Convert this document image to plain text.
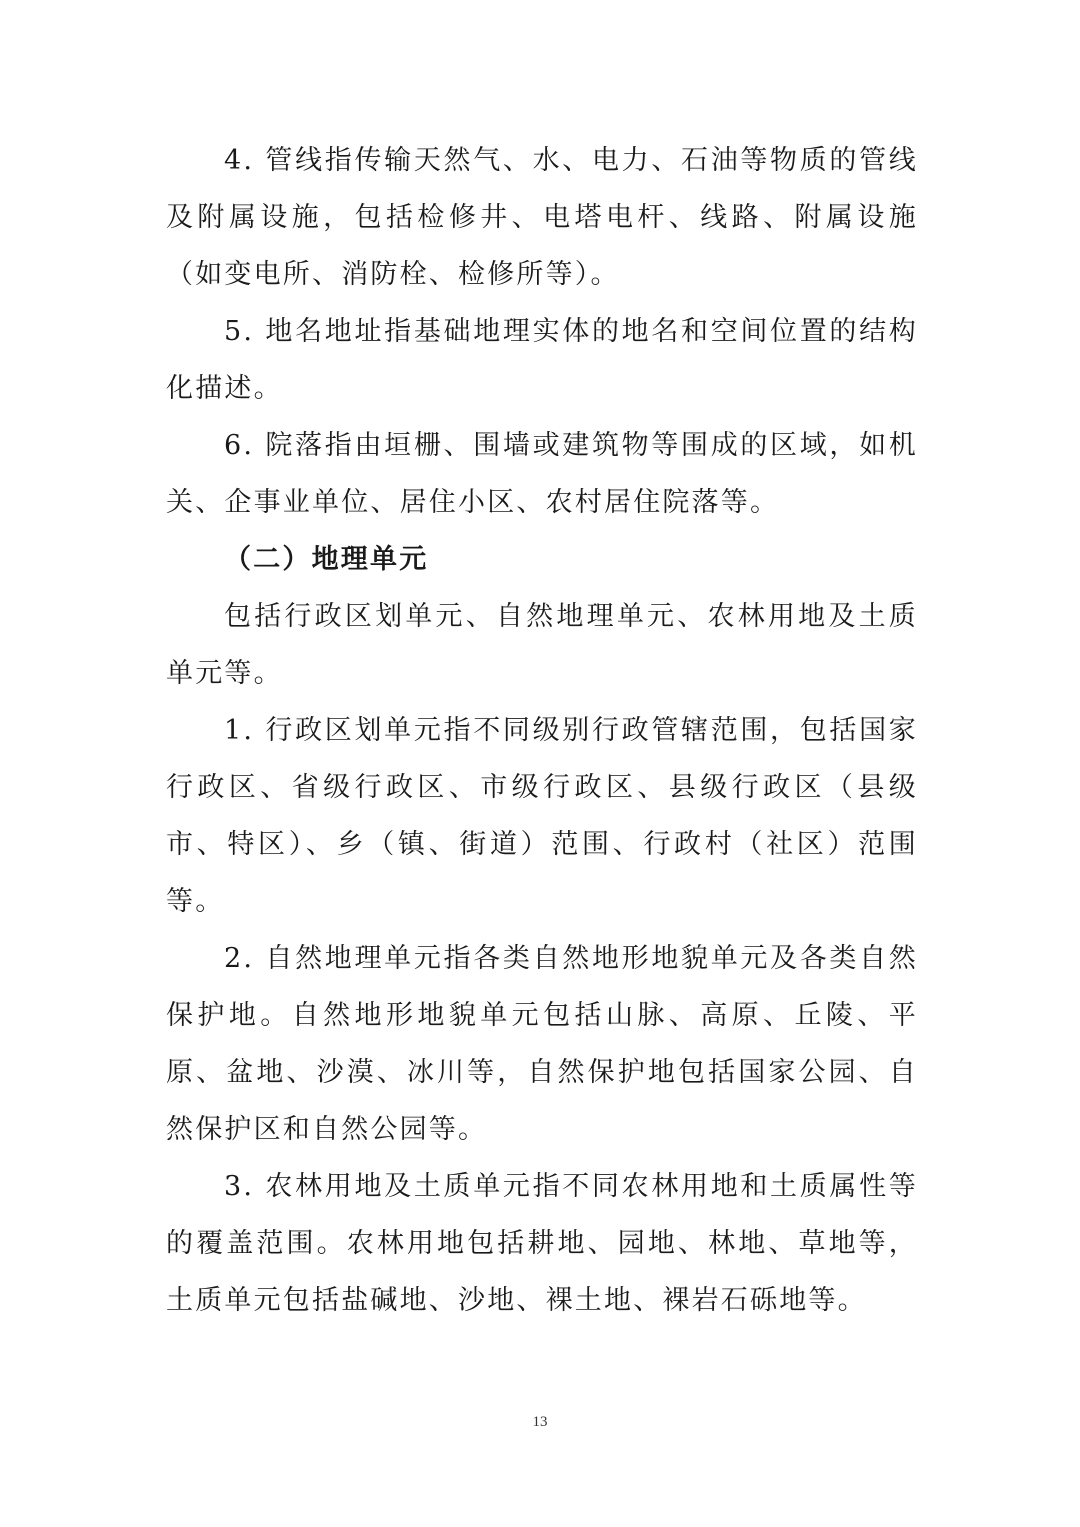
4. 管线指传输天然气、水、电力、石油等物质的管线及附属设施，包括检修井、电塔电杆、线路、附属设施（如变电所、消防栓、检修所等）。

5. 地名地址指基础地理实体的地名和空间位置的结构化描述。

6. 院落指由垣栅、围墙或建筑物等围成的区域，如机关、企事业单位、居住小区、农村居住院落等。

（二）地理单元

包括行政区划单元、自然地理单元、农林用地及土质单元等。

1. 行政区划单元指不同级别行政管辖范围，包括国家行政区、省级行政区、市级行政区、县级行政区（县级市、特区）、乡（镇、街道）范围、行政村（社区）范围等。

2. 自然地理单元指各类自然地形地貌单元及各类自然保护地。自然地形地貌单元包括山脉、高原、丘陵、平原、盆地、沙漠、冰川等，自然保护地包括国家公园、自然保护区和自然公园等。

3. 农林用地及土质单元指不同农林用地和土质属性等的覆盖范围。农林用地包括耕地、园地、林地、草地等，土质单元包括盐碱地、沙地、裸土地、裸岩石砾地等。

13
